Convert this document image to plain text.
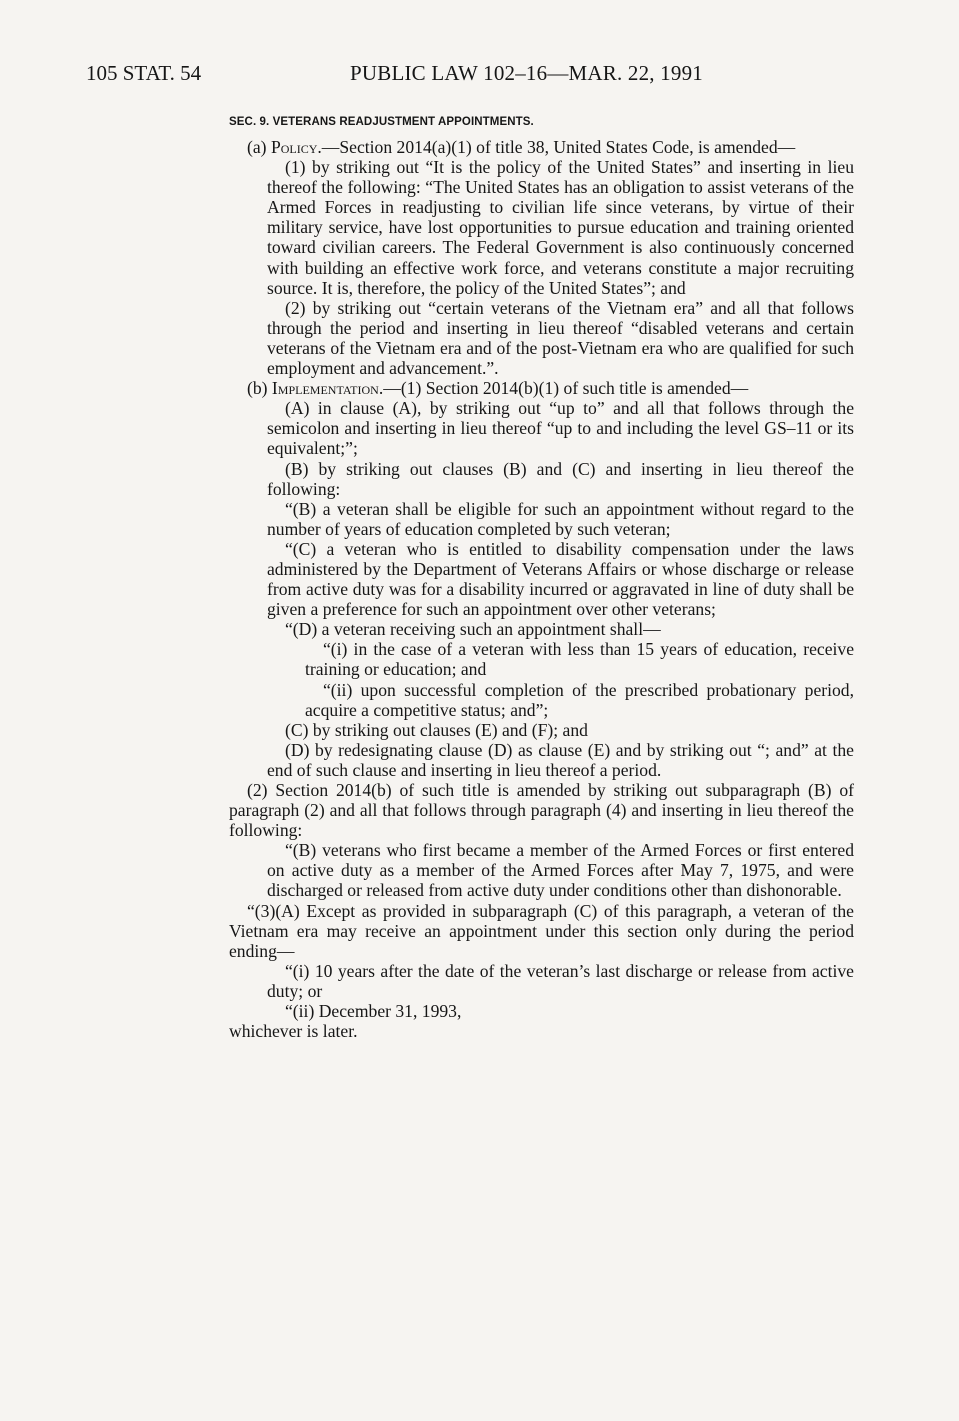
105 STAT. 54	PUBLIC LAW 102–16—MAR. 22, 1991
SEC. 9. VETERANS READJUSTMENT APPOINTMENTS.

(a) Policy.—Section 2014(a)(1) of title 38, United States Code, is amended—

(1) by striking out “It is the policy of the United States” and inserting in lieu thereof the following: “The United States has an obligation to assist veterans of the Armed Forces in readjusting to civilian life since veterans, by virtue of their military service, have lost opportunities to pursue education and training oriented toward civilian careers. The Federal Government is also continuously concerned with building an effective work force, and veterans constitute a major recruiting source. It is, therefore, the policy of the United States”; and

(2) by striking out “certain veterans of the Vietnam era” and all that follows through the period and inserting in lieu thereof “disabled veterans and certain veterans of the Vietnam era and of the post-Vietnam era who are qualified for such employment and advancement.”.

(b) Implementation.—(1) Section 2014(b)(1) of such title is amended—

(A) in clause (A), by striking out “up to” and all that follows through the semicolon and inserting in lieu thereof “up to and including the level GS–11 or its equivalent;”;

(B) by striking out clauses (B) and (C) and inserting in lieu thereof the following:

“(B) a veteran shall be eligible for such an appointment without regard to the number of years of education completed by such veteran;

“(C) a veteran who is entitled to disability compensation under the laws administered by the Department of Veterans Affairs or whose discharge or release from active duty was for a disability incurred or aggravated in line of duty shall be given a preference for such an appointment over other veterans;

“(D) a veteran receiving such an appointment shall—

“(i) in the case of a veteran with less than 15 years of education, receive training or education; and

“(ii) upon successful completion of the prescribed probationary period, acquire a competitive status; and”;

(C) by striking out clauses (E) and (F); and

(D) by redesignating clause (D) as clause (E) and by striking out “; and” at the end of such clause and inserting in lieu thereof a period.

(2) Section 2014(b) of such title is amended by striking out subparagraph (B) of paragraph (2) and all that follows through paragraph (4) and inserting in lieu thereof the following:

“(B) veterans who first became a member of the Armed Forces or first entered on active duty as a member of the Armed Forces after May 7, 1975, and were discharged or released from active duty under conditions other than dishonorable.

“(3)(A) Except as provided in subparagraph (C) of this paragraph, a veteran of the Vietnam era may receive an appointment under this section only during the period ending—

“(i) 10 years after the date of the veteran’s last discharge or release from active duty; or

“(ii) December 31, 1993,

whichever is later.
